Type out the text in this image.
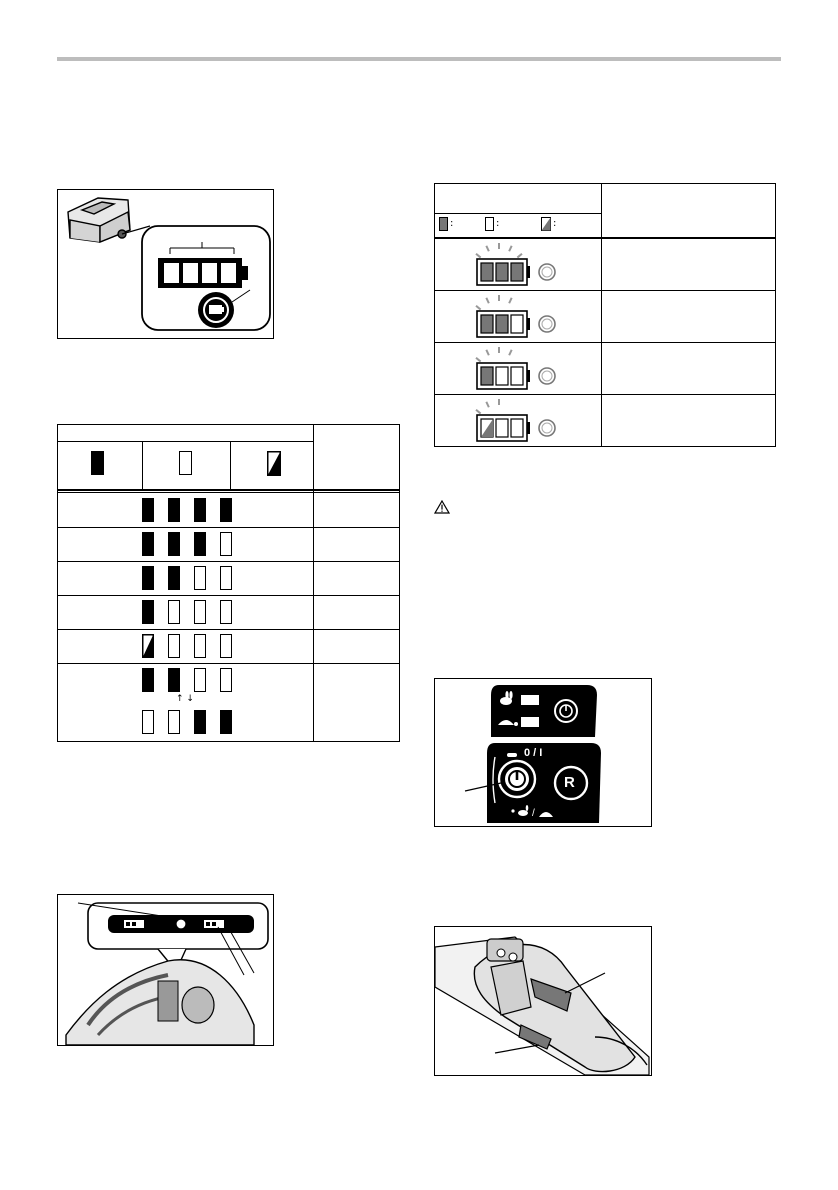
↑ ↓
:	:	:
0 / I
R
/
